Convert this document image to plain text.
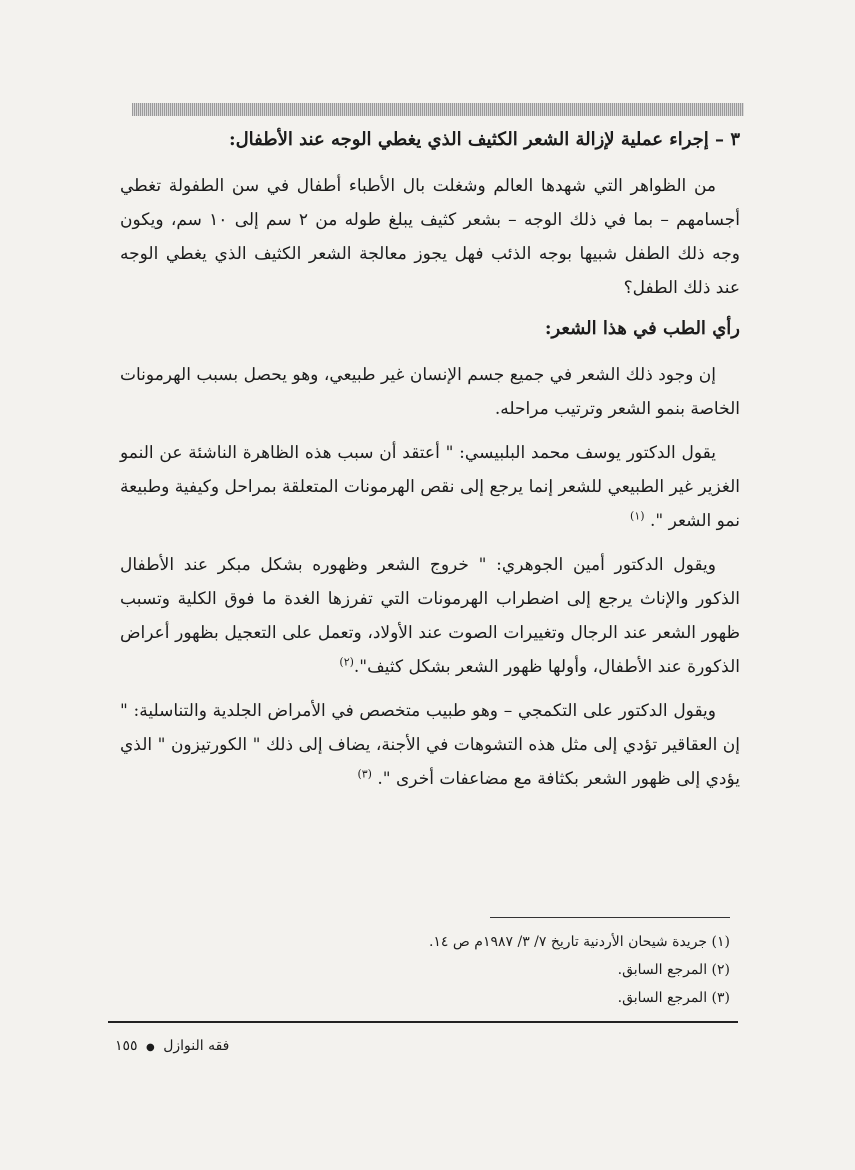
٣ – إجراء عملية لإزالة الشعر الكثيف الذي يغطي الوجه عند الأطفال:

من الظواهر التي شهدها العالم وشغلت بال الأطباء أطفال في سن الطفولة تغطي أجسامهم – بما في ذلك الوجه – بشعر كثيف يبلغ طوله من ٢ سم إلى ١٠ سم، ويكون وجه ذلك الطفل شبيها بوجه الذئب فهل يجوز معالجة الشعر الكثيف الذي يغطي الوجه عند ذلك الطفل؟

رأي الطب في هذا الشعر:

إن وجود ذلك الشعر في جميع جسم الإنسان غير طبيعي، وهو يحصل بسبب الهرمونات الخاصة بنمو الشعر وترتيب مراحله.

يقول الدكتور يوسف محمد البلبيسي: " أعتقد أن سبب هذه الظاهرة الناشئة عن النمو الغزير غير الطبيعي للشعر إنما يرجع إلى نقص الهرمونات المتعلقة بمراحل وكيفية وطبيعة نمو الشعر ". $^{(١)}$

ويقول الدكتور أمين الجوهري: " خروج الشعر وظهوره بشكل مبكر عند الأطفال الذكور والإناث يرجع إلى اضطراب الهرمونات التي تفرزها الغدة ما فوق الكلية وتسبب ظهور الشعر عند الرجال وتغييرات الصوت عند الأولاد، وتعمل على التعجيل بظهور أعراض الذكورة عند الأطفال، وأولها ظهور الشعر بشكل كثيف".$^{(٢)}$

ويقول الدكتور على التكمجي – وهو طبيب متخصص في الأمراض الجلدية والتناسلية: " إن العقاقير تؤدي إلى مثل هذه التشوهات في الأجنة، يضاف إلى ذلك " الكورتيزون " الذي يؤدي إلى ظهور الشعر بكثافة مع مضاعفات أخرى ". $^{(٣)}$

(١) جريدة شيحان الأردنية تاريخ ٧/ ٣/ ١٩٨٧م ص ١٤.
(٢) المرجع السابق.
(٣) المرجع السابق.
فقه النوازل ● ١٥٥
